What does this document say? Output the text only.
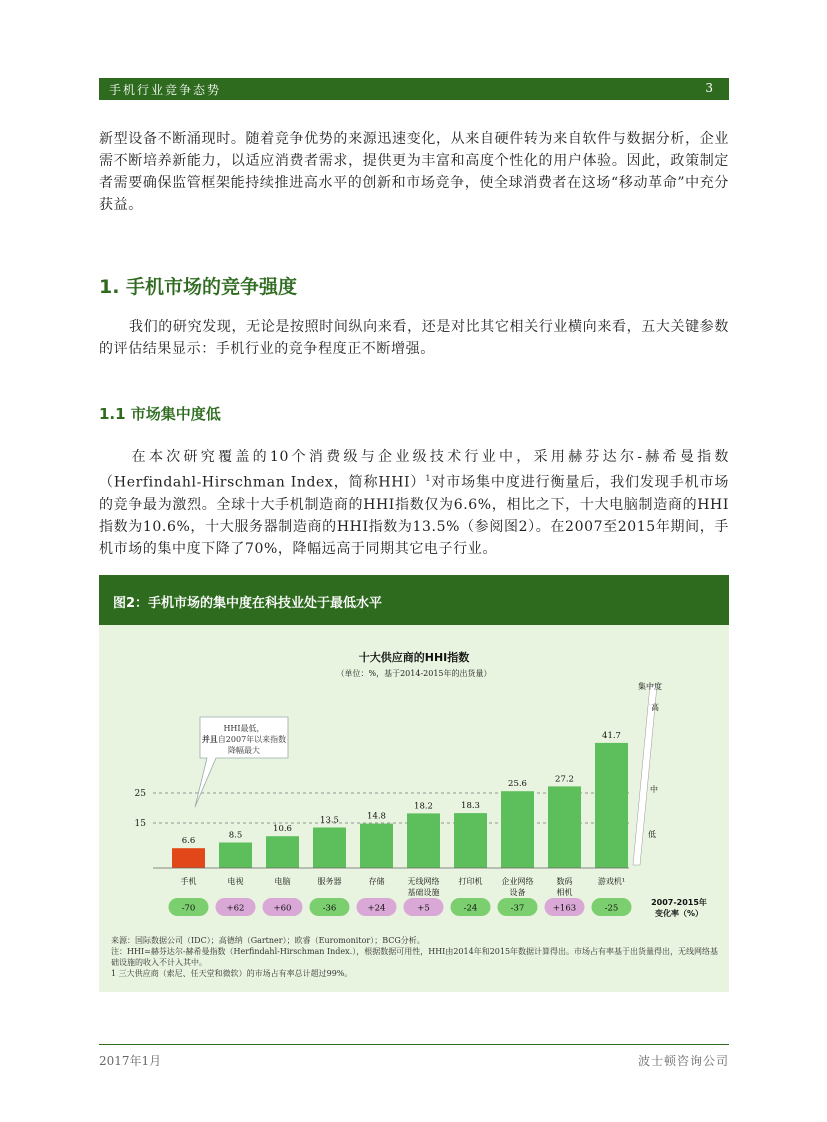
手机行业竞争态势	3

新型设备不断涌现时。随着竞争优势的来源迅速变化，从来自硬件转为来自软件与数据分析，企业需不断培养新能力，以适应消费者需求，提供更为丰富和高度个性化的用户体验。因此，政策制定者需要确保监管框架能持续推进高水平的创新和市场竞争，使全球消费者在这场“移动革命”中充分获益。

1. 手机市场的竞争强度

我们的研究发现，无论是按照时间纵向来看，还是对比其它相关行业横向来看，五大关键参数的评估结果显示：手机行业的竞争程度正不断增强。

1.1 市场集中度低

在本次研究覆盖的10个消费级与企业级技术行业中，采用赫芬达尔-赫希曼指数（Herfindahl-Hirschman Index，简称HHI）$^1$对市场集中度进行衡量后，我们发现手机市场的竞争最为激烈。全球十大手机制造商的HHI指数仅为6.6%，相比之下，十大电脑制造商的HHI指数为10.6%，十大服务器制造商的HHI指数为13.5%（参阅图2）。在2007至2015年期间，手机市场的集中度下降了70%，降幅远高于同期其它电子行业。

图2：手机市场的集中度在科技业处于最低水平
十大供应商的HHI指数
（单位：%，基于2014-2015年的出货量）
15
25
6.6
手机
-70
8.5
电视
+62
10.6
电脑
+60
13.5
服务器
-36
14.8
存储
+24
18.2
无线网络
基础设施
+5
18.3
打印机
-24
25.6
企业网络
设备
-37
27.2
数码
相机
+163
41.7
游戏机¹
-25
2007-2015年
变化率（%）
集中度
高
中
低
HHI最低，
并且自2007年以来指数
降幅最大
来源：国际数据公司（IDC）；高德纳（Gartner）；欧睿（Euromonitor）；BCG分析。
注：HHI=赫芬达尔-赫希曼指数（Herfindahl-Hirschman Index.），根据数据可用性，HHI由2014年和2015年数据计算得出。市场占有率基于出货量得出，无线网络基础设施的收入不计入其中。
1 三大供应商（索尼、任天堂和微软）的市场占有率总计超过99%。
2017年1月	波士顿咨询公司
